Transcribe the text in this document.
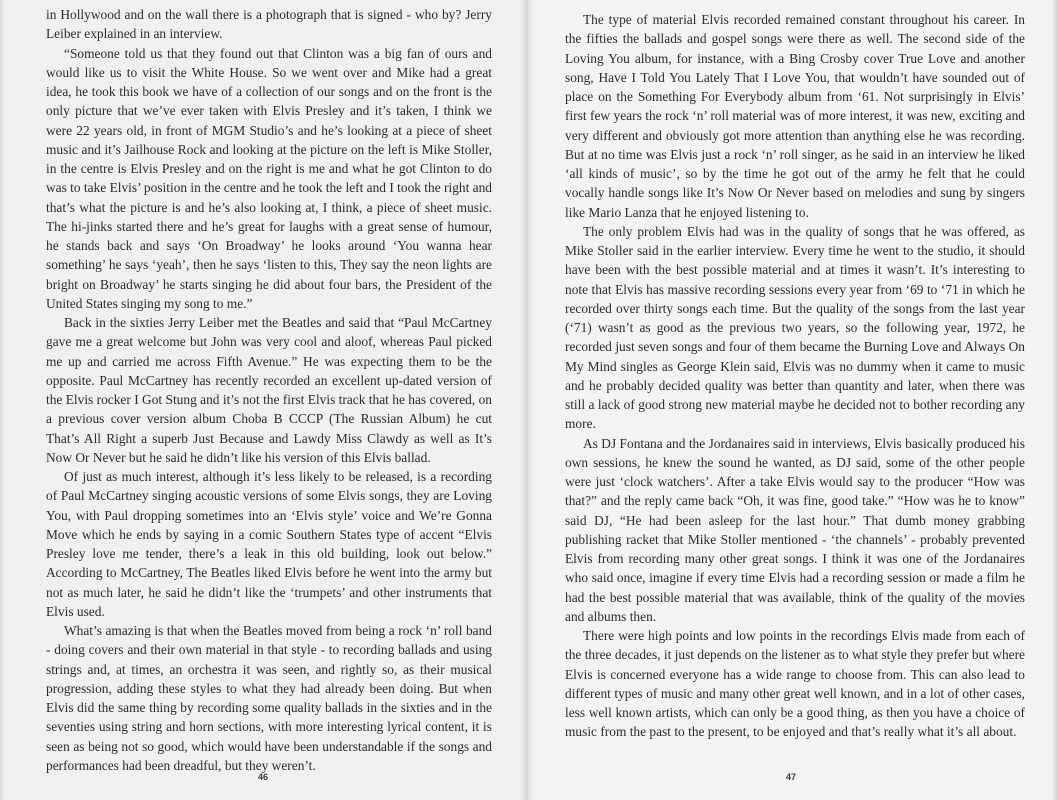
in Hollywood and on the wall there is a photograph that is signed - who by? Jerry Leiber explained in an interview.

“Someone told us that they found out that Clinton was a big fan of ours and would like us to visit the White House. So we went over and Mike had a great idea, he took this book we have of a collection of our songs and on the front is the only picture that we’ve ever taken with Elvis Presley and it’s taken, I think we were 22 years old, in front of MGM Studio’s and he’s looking at a piece of sheet music and it’s Jailhouse Rock and looking at the picture on the left is Mike Stoller, in the centre is Elvis Presley and on the right is me and what he got Clinton to do was to take Elvis’ position in the centre and he took the left and I took the right and that’s what the picture is and he’s also looking at, I think, a piece of sheet music. The hi-jinks started there and he’s great for laughs with a great sense of humour, he stands back and says ‘On Broadway’ he looks around ‘You wanna hear something’ he says ‘yeah’, then he says ‘listen to this, They say the neon lights are bright on Broadway’ he starts singing he did about four bars, the President of the United States singing my song to me.”

Back in the sixties Jerry Leiber met the Beatles and said that “Paul McCartney gave me a great welcome but John was very cool and aloof, whereas Paul picked me up and carried me across Fifth Avenue.” He was expecting them to be the opposite. Paul McCartney has recently recorded an excellent up-dated version of the Elvis rocker I Got Stung and it’s not the first Elvis track that he has covered, on a previous cover version album Choba B CCCP (The Russian Album) he cut That’s All Right a superb Just Because and Lawdy Miss Clawdy as well as It’s Now Or Never but he said he didn’t like his version of this Elvis ballad.

Of just as much interest, although it’s less likely to be released, is a recording of Paul McCartney singing acoustic versions of some Elvis songs, they are Loving You, with Paul dropping sometimes into an ‘Elvis style’ voice and We’re Gonna Move which he ends by saying in a comic Southern States type of accent “Elvis Presley love me tender, there’s a leak in this old building, look out below.” According to McCartney, The Beatles liked Elvis before he went into the army but not as much later, he said he didn’t like the ‘trumpets’ and other instruments that Elvis used.

What’s amazing is that when the Beatles moved from being a rock ‘n’ roll band - doing covers and their own material in that style - to recording ballads and using strings and, at times, an orchestra it was seen, and rightly so, as their musical progression, adding these styles to what they had already been doing. But when Elvis did the same thing by recording some quality ballads in the sixties and in the seventies using string and horn sections, with more interesting lyrical content, it is seen as being not so good, which would have been understandable if the songs and performances had been dreadful, but they weren’t.

46

The type of material Elvis recorded remained constant throughout his career. In the fifties the ballads and gospel songs were there as well. The second side of the Loving You album, for instance, with a Bing Crosby cover True Love and another song, Have I Told You Lately That I Love You, that wouldn’t have sounded out of place on the Something For Everybody album from ‘61. Not surprisingly in Elvis’ first few years the rock ‘n’ roll material was of more interest, it was new, exciting and very different and obviously got more attention than anything else he was recording. But at no time was Elvis just a rock ‘n’ roll singer, as he said in an interview he liked ‘all kinds of music’, so by the time he got out of the army he felt that he could vocally handle songs like It’s Now Or Never based on melodies and sung by singers like Mario Lanza that he enjoyed listening to.

The only problem Elvis had was in the quality of songs that he was offered, as Mike Stoller said in the earlier interview. Every time he went to the studio, it should have been with the best possible material and at times it wasn’t. It’s interesting to note that Elvis has massive recording sessions every year from ‘69 to ‘71 in which he recorded over thirty songs each time. But the quality of the songs from the last year (‘71) wasn’t as good as the previous two years, so the following year, 1972, he recorded just seven songs and four of them became the Burning Love and Always On My Mind singles as George Klein said, Elvis was no dummy when it came to music and he probably decided quality was better than quantity and later, when there was still a lack of good strong new material maybe he decided not to bother recording any more.

As DJ Fontana and the Jordanaires said in interviews, Elvis basically produced his own sessions, he knew the sound he wanted, as DJ said, some of the other people were just ‘clock watchers’. After a take Elvis would say to the producer “How was that?” and the reply came back “Oh, it was fine, good take.” “How was he to know” said DJ, “He had been asleep for the last hour.” That dumb money grabbing publishing racket that Mike Stoller mentioned - ‘the channels’ - probably prevented Elvis from recording many other great songs. I think it was one of the Jordanaires who said once, imagine if every time Elvis had a recording session or made a film he had the best possible material that was available, think of the quality of the movies and albums then.

There were high points and low points in the recordings Elvis made from each of the three decades, it just depends on the listener as to what style they prefer but where Elvis is concerned everyone has a wide range to choose from. This can also lead to different types of music and many other great well known, and in a lot of other cases, less well known artists, which can only be a good thing, as then you have a choice of music from the past to the present, to be enjoyed and that’s really what it’s all about.

47
